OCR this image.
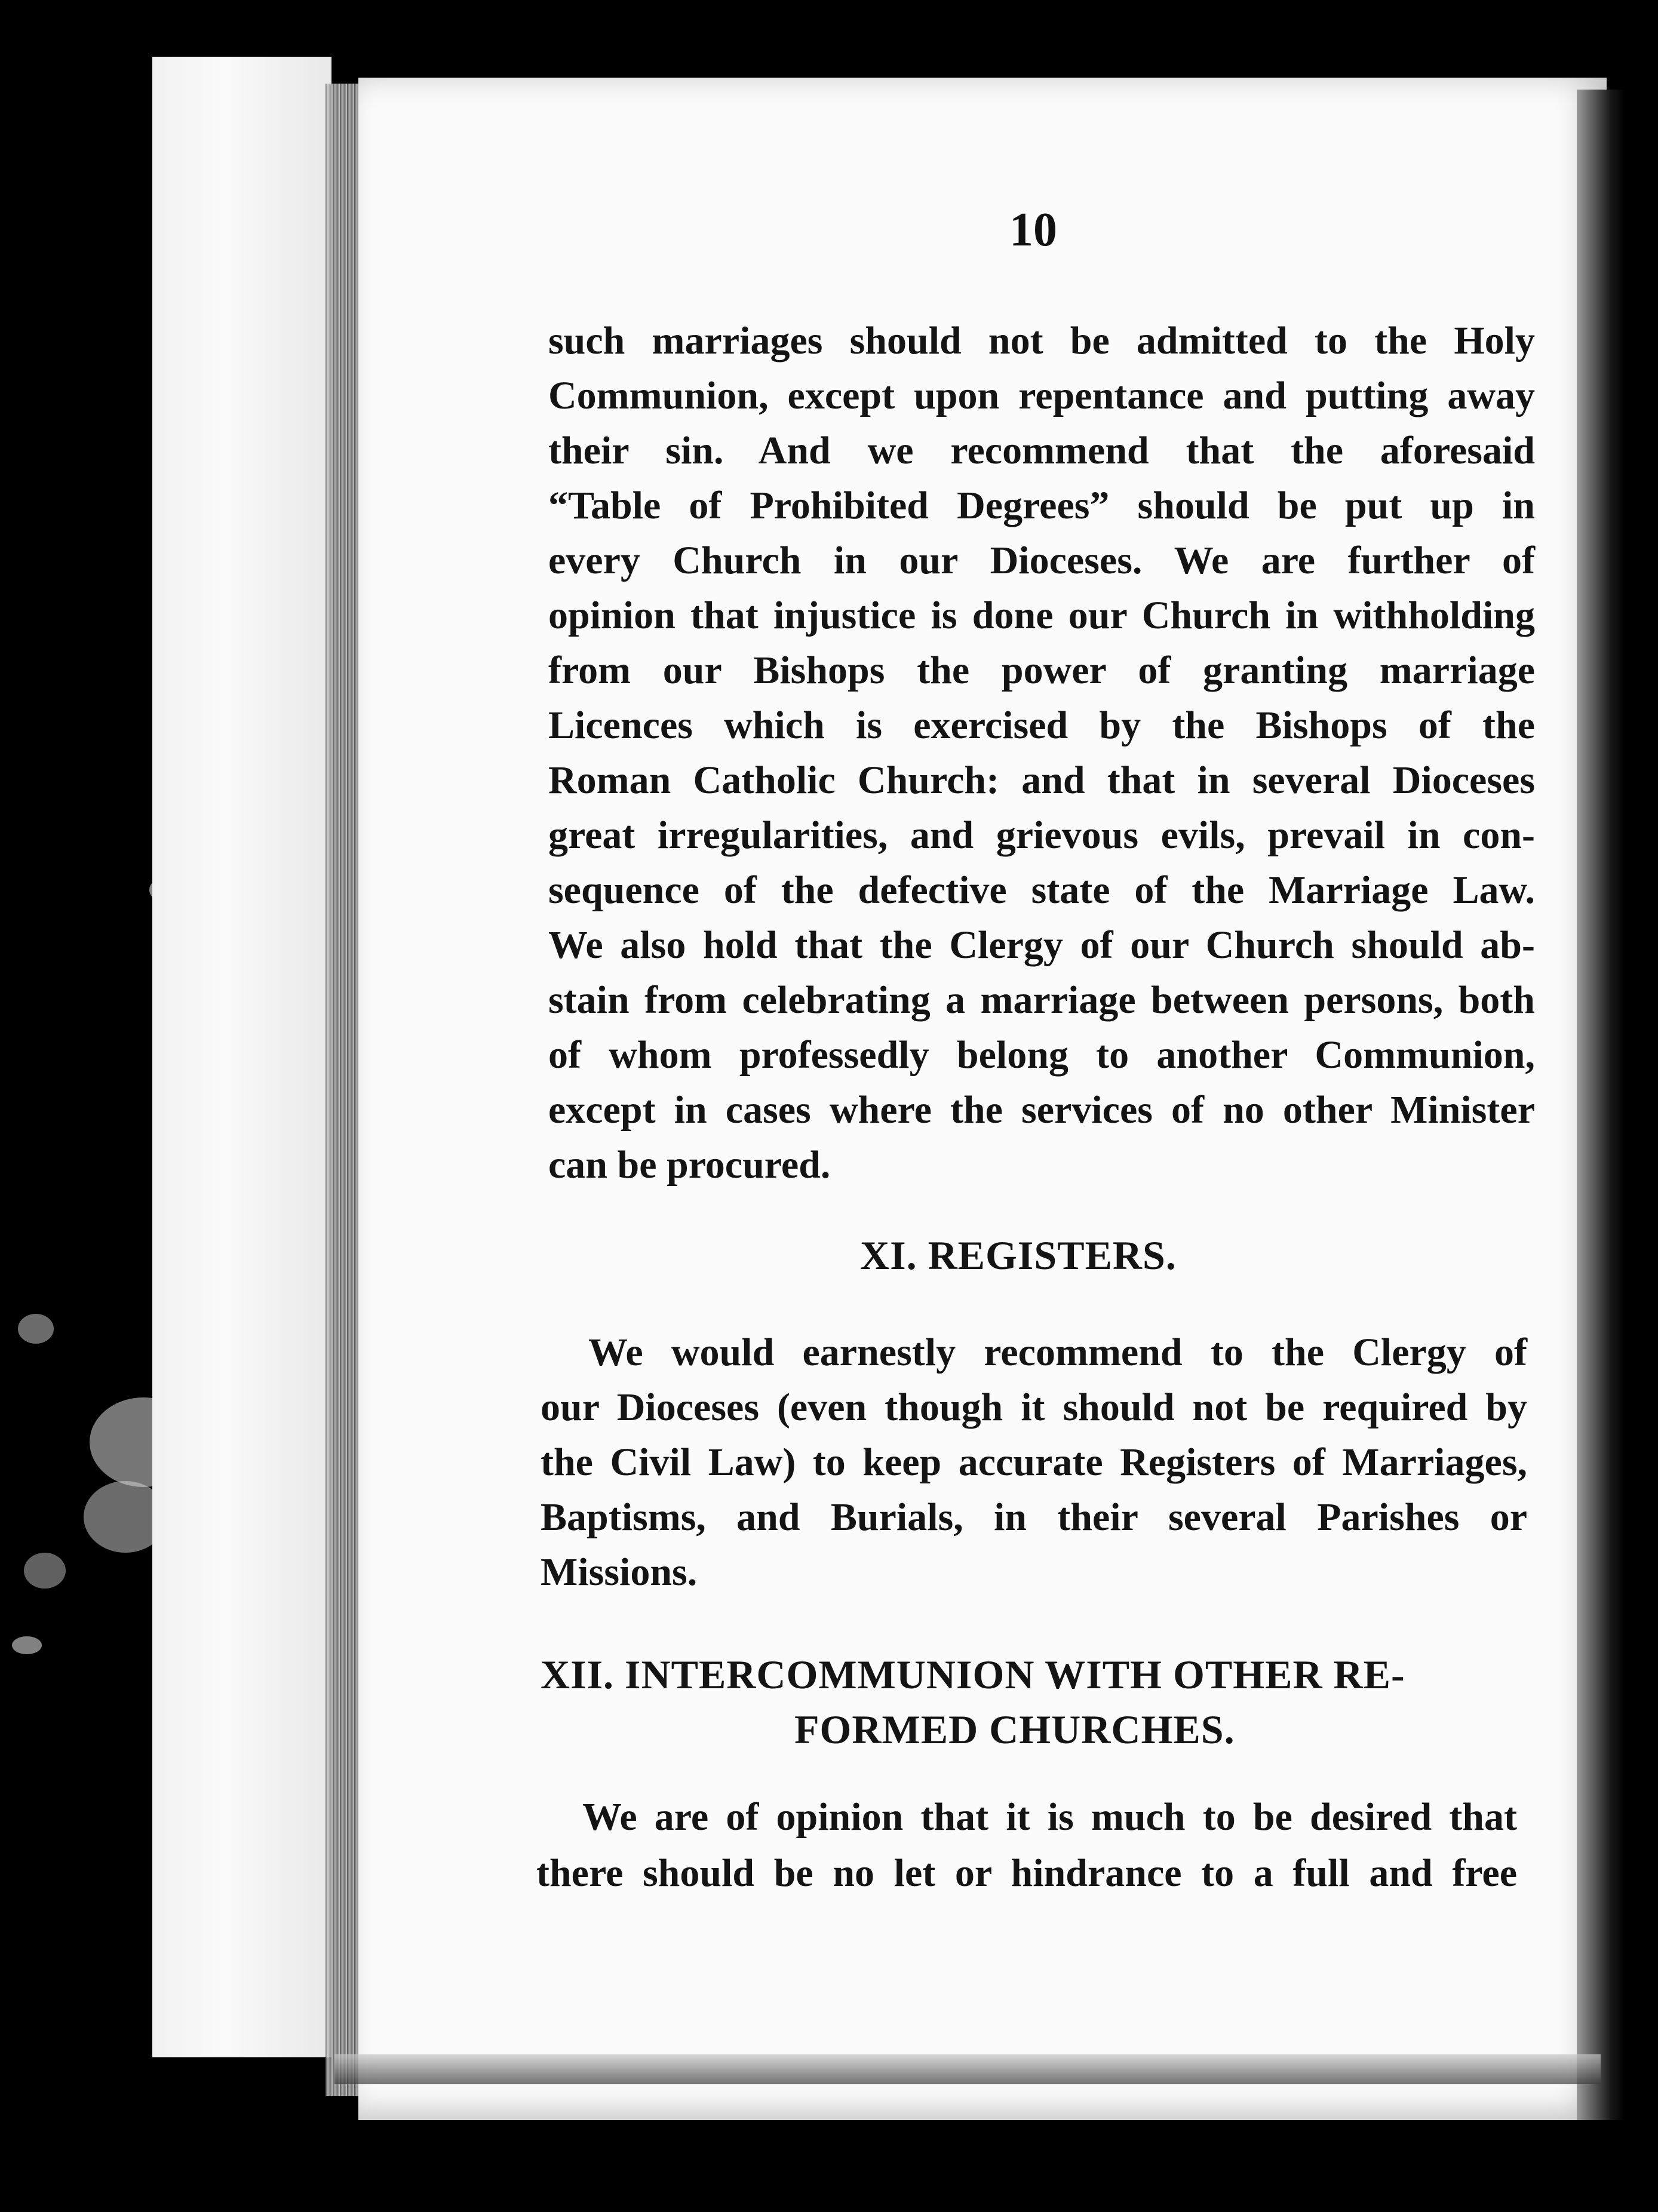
10
such marriages should not be admitted to the Holy
Communion, except upon repentance and putting away
their sin. And we recommend that the aforesaid
“Table of Prohibited Degrees” should be put up in
every Church in our Dioceses. We are further of
opinion that injustice is done our Church in withholding
from our Bishops the power of granting marriage
Licences which is exercised by the Bishops of the
Roman Catholic Church: and that in several Dioceses
great irregularities, and grievous evils, prevail in con-
sequence of the defective state of the Marriage Law.
We also hold that the Clergy of our Church should ab-
stain from celebrating a marriage between persons, both
of whom professedly belong to another Communion,
except in cases where the services of no other Minister
can be procured.
XI. REGISTERS.
We would earnestly recommend to the Clergy of
our Dioceses (even though it should not be required by
the Civil Law) to keep accurate Registers of Marriages,
Baptisms, and Burials, in their several Parishes or
Missions.
XII. INTERCOMMUNION WITH OTHER RE-
FORMED CHURCHES.
We are of opinion that it is much to be desired that
there should be no let or hindrance to a full and free
